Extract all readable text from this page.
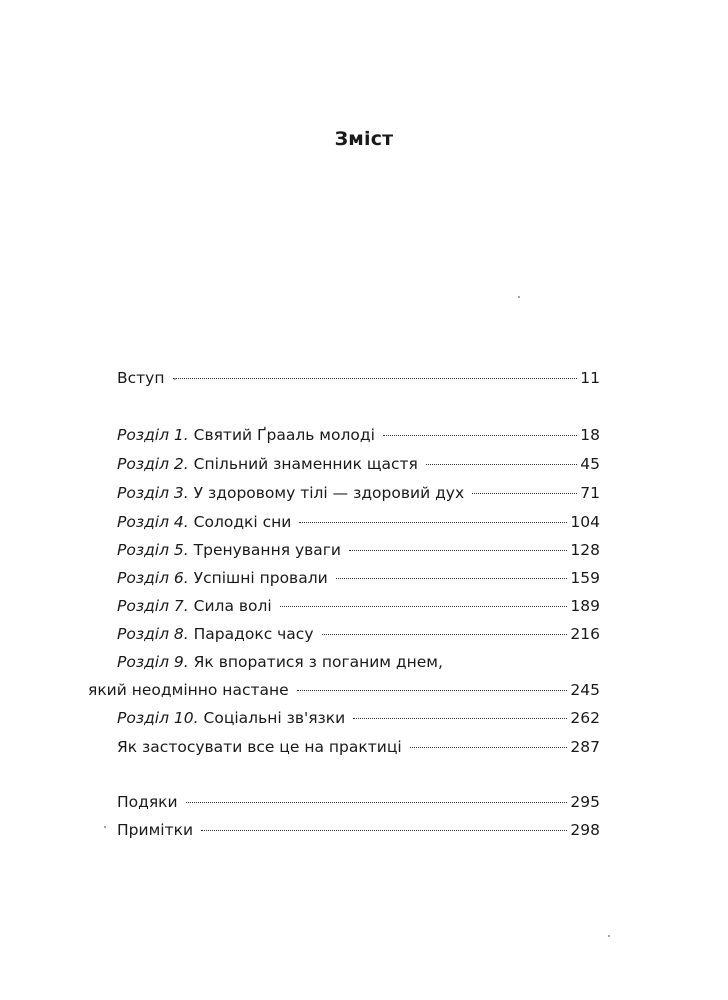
Зміст
Вступ	11
Розділ 1. Святий Ґрааль молоді	18
Розділ 2. Спільний знаменник щастя	45
Розділ 3. У здоровому тілі — здоровий дух	71
Розділ 4. Солодкі сни	104
Розділ 5. Тренування уваги	128
Розділ 6. Успішні провали	159
Розділ 7. Сила волі	189
Розділ 8. Парадокс часу	216
Розділ 9. Як впоратися з поганим днем,
який неодмінно настане	245
Розділ 10. Соціальні зв'язки	262
Як застосувати все це на практиці	287
Подяки	295
Примітки	298
